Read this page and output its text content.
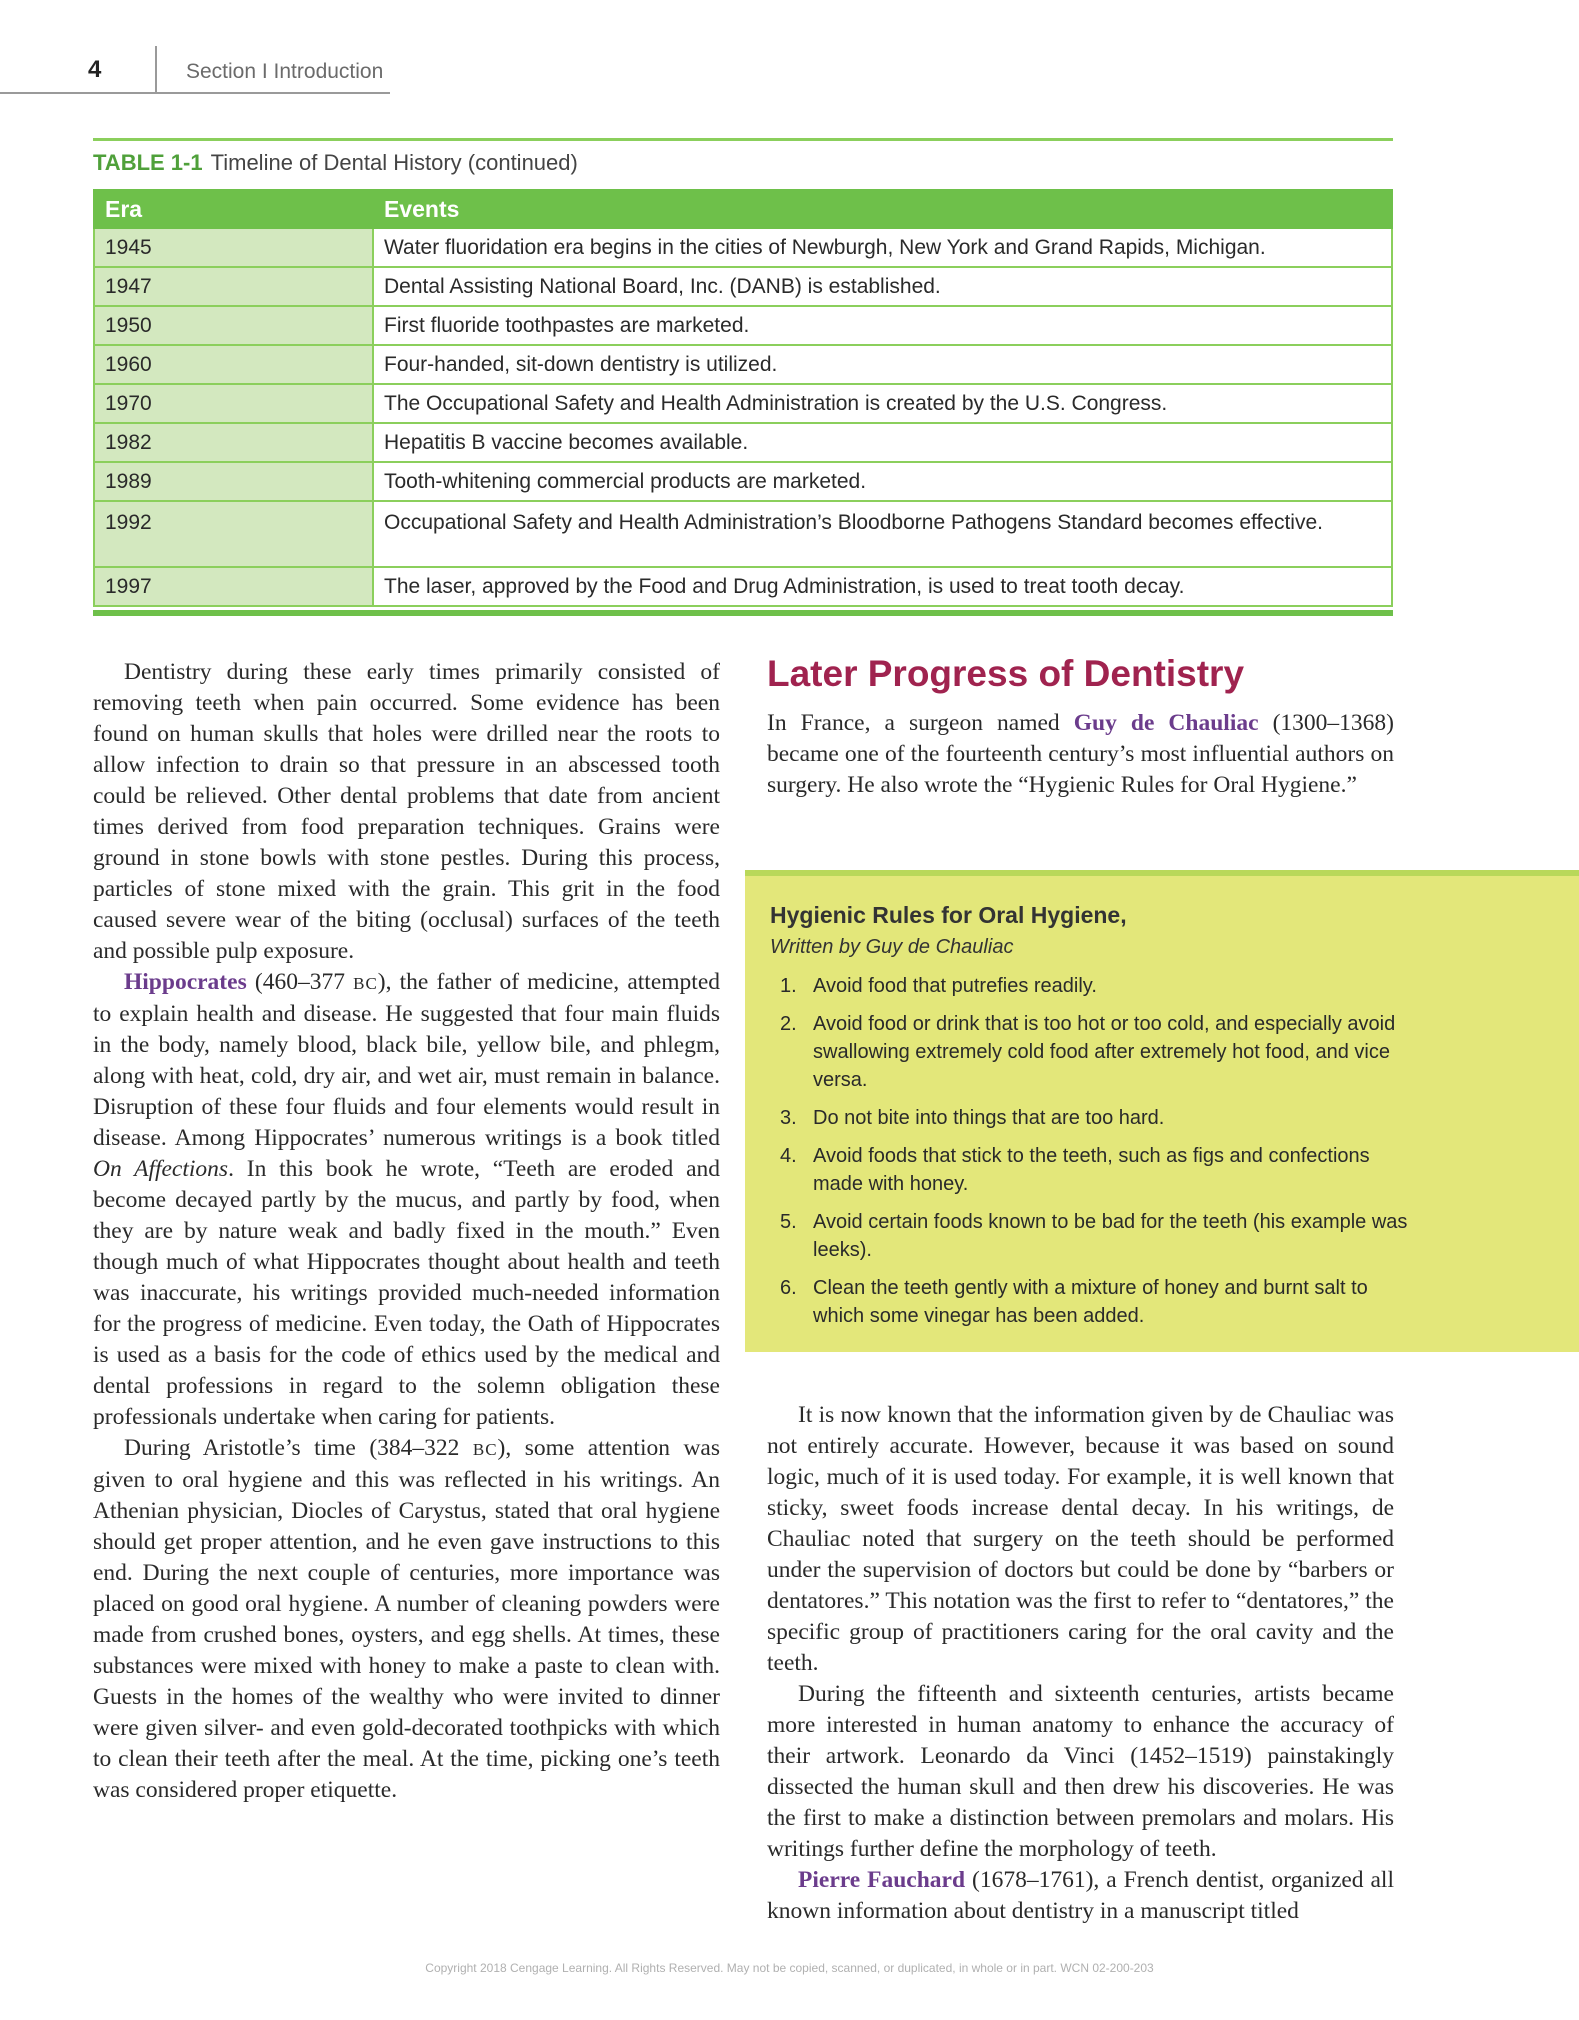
4	Section I Introduction
TABLE 1-1 Timeline of Dental History (continued)
Era	Events
1945	Water fluoridation era begins in the cities of Newburgh, New York and Grand Rapids, Michigan.
1947	Dental Assisting National Board, Inc. (DANB) is established.
1950	First fluoride toothpastes are marketed.
1960	Four-handed, sit-down dentistry is utilized.
1970	The Occupational Safety and Health Administration is created by the U.S. Congress.
1982	Hepatitis B vaccine becomes available.
1989	Tooth-whitening commercial products are marketed.
1992	Occupational Safety and Health Administration’s Bloodborne Pathogens Standard becomes effective.
1997	The laser, approved by the Food and Drug Administration, is used to treat tooth decay.

Dentistry during these early times primarily consisted of removing teeth when pain occurred. Some evidence has been found on human skulls that holes were drilled near the roots to allow infection to drain so that pressure in an abscessed tooth could be relieved. Other dental problems that date from ancient times derived from food preparation techniques. Grains were ground in stone bowls with stone pestles. During this process, particles of stone mixed with the grain. This grit in the food caused severe wear of the biting (occlusal) surfaces of the teeth and possible pulp exposure.

Hippocrates (460–377 BC), the father of medicine, attempted to explain health and disease. He suggested that four main fluids in the body, namely blood, black bile, yellow bile, and phlegm, along with heat, cold, dry air, and wet air, must remain in balance. Disruption of these four fluids and four elements would result in disease. Among Hippocrates’ numerous writings is a book titled On Affections. In this book he wrote, “Teeth are eroded and become decayed partly by the mucus, and partly by food, when they are by nature weak and badly fixed in the mouth.” Even though much of what Hippocrates thought about health and teeth was inaccurate, his writings provided much-needed information for the progress of medicine. Even today, the Oath of Hippocrates is used as a basis for the code of ethics used by the medical and dental professions in regard to the solemn obligation these professionals undertake when caring for patients.

During Aristotle’s time (384–322 BC), some attention was given to oral hygiene and this was reflected in his writings. An Athenian physician, Diocles of Carystus, stated that oral hygiene should get proper attention, and he even gave instructions to this end. During the next couple of centuries, more importance was placed on good oral hygiene. A number of cleaning powders were made from crushed bones, oysters, and egg shells. At times, these substances were mixed with honey to make a paste to clean with. Guests in the homes of the wealthy who were invited to dinner were given silver- and even gold-decorated toothpicks with which to clean their teeth after the meal. At the time, picking one’s teeth was considered proper etiquette.

Later Progress of Dentistry

In France, a surgeon named Guy de Chauliac (1300–1368) became one of the fourteenth century’s most influential authors on surgery. He also wrote the “Hygienic Rules for Oral Hygiene.”

Hygienic Rules for Oral Hygiene,
Written by Guy de Chauliac
1. Avoid food that putrefies readily.
2. Avoid food or drink that is too hot or too cold, and especially avoid swallowing extremely cold food after extremely hot food, and vice versa.
3. Do not bite into things that are too hard.
4. Avoid foods that stick to the teeth, such as figs and confections made with honey.
5. Avoid certain foods known to be bad for the teeth (his example was leeks).
6. Clean the teeth gently with a mixture of honey and burnt salt to which some vinegar has been added.

It is now known that the information given by de Chauliac was not entirely accurate. However, because it was based on sound logic, much of it is used today. For example, it is well known that sticky, sweet foods increase dental decay. In his writings, de Chauliac noted that surgery on the teeth should be performed under the supervision of doctors but could be done by “barbers or dentatores.” This notation was the first to refer to “dentatores,” the specific group of practitioners caring for the oral cavity and the teeth.

During the fifteenth and sixteenth centuries, artists became more interested in human anatomy to enhance the accuracy of their artwork. Leonardo da Vinci (1452–1519) painstakingly dissected the human skull and then drew his discoveries. He was the first to make a distinction between premolars and molars. His writings further define the morphology of teeth.

Pierre Fauchard (1678–1761), a French dentist, organized all known information about dentistry in a manuscript titled

Copyright 2018 Cengage Learning. All Rights Reserved. May not be copied, scanned, or duplicated, in whole or in part. WCN 02-200-203
